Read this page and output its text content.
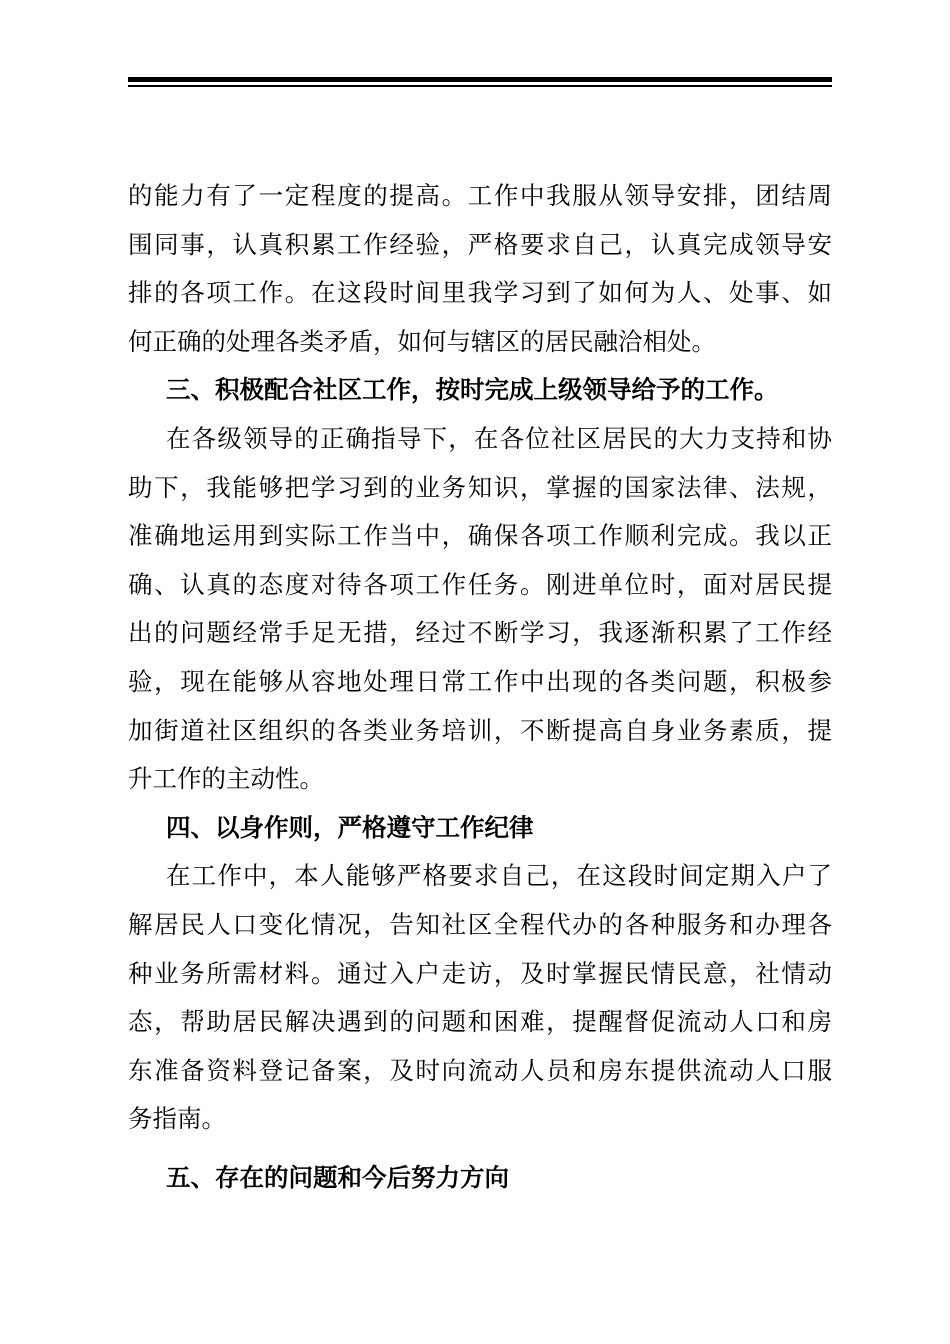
的能力有了一定程度的提高。工作中我服从领导安排，团结周
围同事，认真积累工作经验，严格要求自己，认真完成领导安
排的各项工作。在这段时间里我学习到了如何为人、处事、如
何正确的处理各类矛盾，如何与辖区的居民融洽相处。
三、积极配合社区工作，按时完成上级领导给予的工作。
在各级领导的正确指导下，在各位社区居民的大力支持和协
助下，我能够把学习到的业务知识，掌握的国家法律、法规，
准确地运用到实际工作当中，确保各项工作顺利完成。我以正
确、认真的态度对待各项工作任务。刚进单位时，面对居民提
出的问题经常手足无措，经过不断学习，我逐渐积累了工作经
验，现在能够从容地处理日常工作中出现的各类问题，积极参
加街道社区组织的各类业务培训，不断提高自身业务素质，提
升工作的主动性。
四、以身作则，严格遵守工作纪律
在工作中，本人能够严格要求自己，在这段时间定期入户了
解居民人口变化情况，告知社区全程代办的各种服务和办理各
种业务所需材料。通过入户走访，及时掌握民情民意，社情动
态，帮助居民解决遇到的问题和困难，提醒督促流动人口和房
东准备资料登记备案，及时向流动人员和房东提供流动人口服
务指南。
五、存在的问题和今后努力方向
